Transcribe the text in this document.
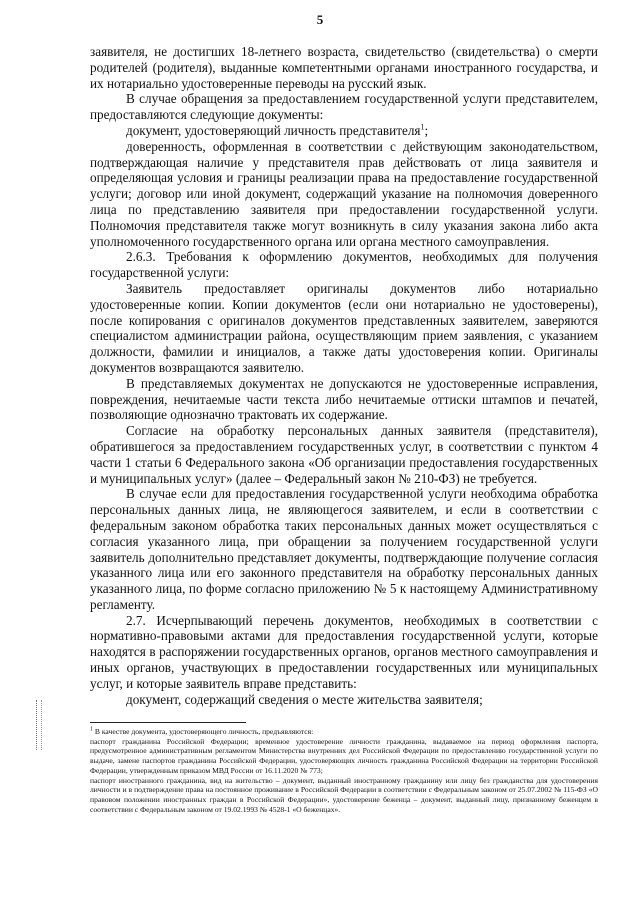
5

заявителя, не достигших 18-летнего возраста, свидетельство (свидетельства) о смерти родителей (родителя), выданные компетентными органами иностранного государства, и их нотариально удостоверенные переводы на русский язык.

В случае обращения за предоставлением государственной услуги представителем, предоставляются следующие документы:

документ, удостоверяющий личность представителя$^1$;

доверенность, оформленная в соответствии с действующим законодательством, подтверждающая наличие у представителя прав действовать от лица заявителя и определяющая условия и границы реализации права на предоставление государственной услуги; договор или иной документ, содержащий указание на полномочия доверенного лица по представлению заявителя при предоставлении государственной услуги. Полномочия представителя также могут возникнуть в силу указания закона либо акта уполномоченного государственного органа или органа местного самоуправления.

2.6.3. Требования к оформлению документов, необходимых для получения государственной услуги:

Заявитель предоставляет оригиналы документов либо нотариально удостоверенные копии. Копии документов (если они нотариально не удостоверены), после копирования с оригиналов документов представленных заявителем, заверяются специалистом администрации района, осуществляющим прием заявления, с указанием должности, фамилии и инициалов, а также даты удостоверения копии. Оригиналы документов возвращаются заявителю.

В представляемых документах не допускаются не удостоверенные исправления, повреждения, нечитаемые части текста либо нечитаемые оттиски штампов и печатей, позволяющие однозначно трактовать их содержание.

Согласие на обработку персональных данных заявителя (представителя), обратившегося за предоставлением государственных услуг, в соответствии с пунктом 4 части 1 статьи 6 Федерального закона «Об организации предоставления государственных и муниципальных услуг» (далее – Федеральный закон № 210-ФЗ) не требуется.

В случае если для предоставления государственной услуги необходима обработка персональных данных лица, не являющегося заявителем, и если в соответствии с федеральным законом обработка таких персональных данных может осуществляться с согласия указанного лица, при обращении за получением государственной услуги заявитель дополнительно представляет документы, подтверждающие получение согласия указанного лица или его законного представителя на обработку персональных данных указанного лица, по форме согласно приложению № 5 к настоящему Административному регламенту.

2.7. Исчерпывающий перечень документов, необходимых в соответствии с нормативно-правовыми актами для предоставления государственной услуги, которые находятся в распоряжении государственных органов, органов местного самоуправления и иных органов, участвующих в предоставлении государственных или муниципальных услуг, и которые заявитель вправе представить:

документ, содержащий сведения о месте жительства заявителя;

$^1$ В качестве документа, удостоверяющего личность, предъявляются:

паспорт гражданина Российской Федерации; временное удостоверение личности гражданина, выдаваемое на период оформления паспорта, предусмотренное административным регламентом Министерства внутренних дел Российской Федерации по предоставлению государственной услуги по выдаче, замене паспортов гражданина Российской Федерации, удостоверяющих личность гражданина Российской Федерации на территории Российской Федерации, утвержденным приказом МВД России от 16.11.2020 № 773;

паспорт иностранного гражданина, вид на жительство – документ, выданный иностранному гражданину или лицу без гражданства для удостоверения личности и в подтверждение права на постоянное проживание в Российской Федерации в соответствии с Федеральным законом от 25.07.2002 № 115-ФЗ «О правовом положении иностранных граждан в Российской Федерации», удостоверение беженца – документ, выданный лицу, признанному беженцем в соответствии с Федеральным законом от 19.02.1993 № 4528-1 «О беженцах».
